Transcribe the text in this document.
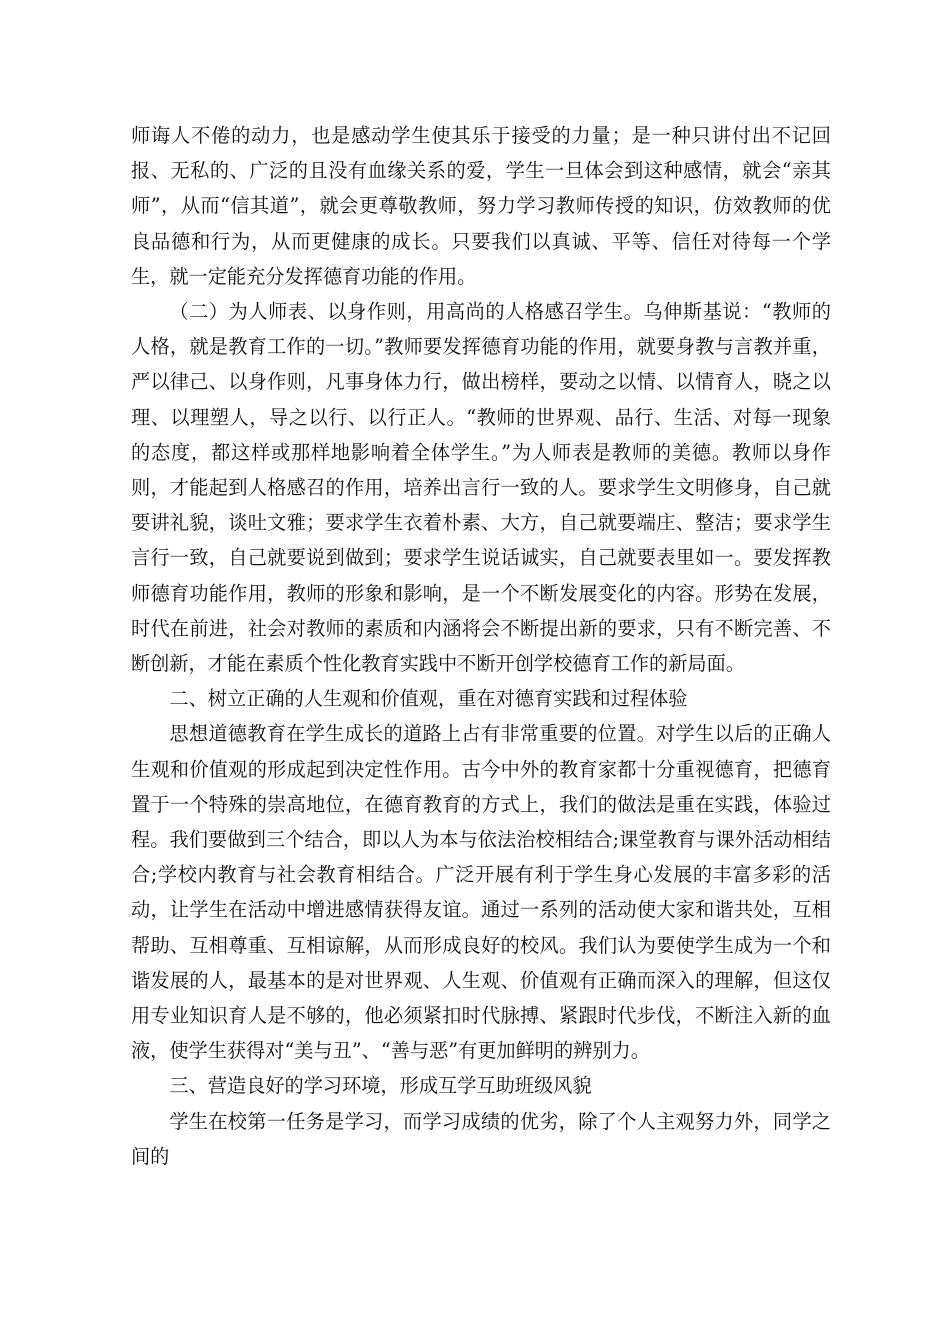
师诲人不倦的动力，也是感动学生使其乐于接受的力量；是一种只讲付出不记回报、无私的、广泛的且没有血缘关系的爱，学生一旦体会到这种感情，就会“亲其师”，从而“信其道”，就会更尊敬教师，努力学习教师传授的知识，仿效教师的优良品德和行为，从而更健康的成长。只要我们以真诚、平等、信任对待每一个学生，就一定能充分发挥德育功能的作用。

（二）为人师表、以身作则，用高尚的人格感召学生。乌伸斯基说：“教师的人格，就是教育工作的一切。”教师要发挥德育功能的作用，就要身教与言教并重，严以律己、以身作则，凡事身体力行，做出榜样，要动之以情、以情育人，晓之以理、以理塑人，导之以行、以行正人。“教师的世界观、品行、生活、对每一现象的态度，都这样或那样地影响着全体学生。”为人师表是教师的美德。教师以身作则，才能起到人格感召的作用，培养出言行一致的人。要求学生文明修身，自己就要讲礼貌，谈吐文雅；要求学生衣着朴素、大方，自己就要端庄、整洁；要求学生言行一致，自己就要说到做到；要求学生说话诚实，自己就要表里如一。要发挥教师德育功能作用，教师的形象和影响，是一个不断发展变化的内容。形势在发展，时代在前进，社会对教师的素质和内涵将会不断提出新的要求，只有不断完善、不断创新，才能在素质个性化教育实践中不断开创学校德育工作的新局面。

二、树立正确的人生观和价值观，重在对德育实践和过程体验

思想道德教育在学生成长的道路上占有非常重要的位置。对学生以后的正确人生观和价值观的形成起到决定性作用。古今中外的教育家都十分重视德育，把德育置于一个特殊的崇高地位，在德育教育的方式上，我们的做法是重在实践，体验过程。我们要做到三个结合，即以人为本与依法治校相结合;课堂教育与课外活动相结合;学校内教育与社会教育相结合。广泛开展有利于学生身心发展的丰富多彩的活动，让学生在活动中增进感情获得友谊。通过一系列的活动使大家和谐共处，互相帮助、互相尊重、互相谅解，从而形成良好的校风。我们认为要使学生成为一个和谐发展的人，最基本的是对世界观、人生观、价值观有正确而深入的理解，但这仅用专业知识育人是不够的，他必须紧扣时代脉搏、紧跟时代步伐，不断注入新的血液，使学生获得对“美与丑”、“善与恶”有更加鲜明的辨别力。

三、营造良好的学习环境，形成互学互助班级风貌

学生在校第一任务是学习，而学习成绩的优劣，除了个人主观努力外，同学之间的
